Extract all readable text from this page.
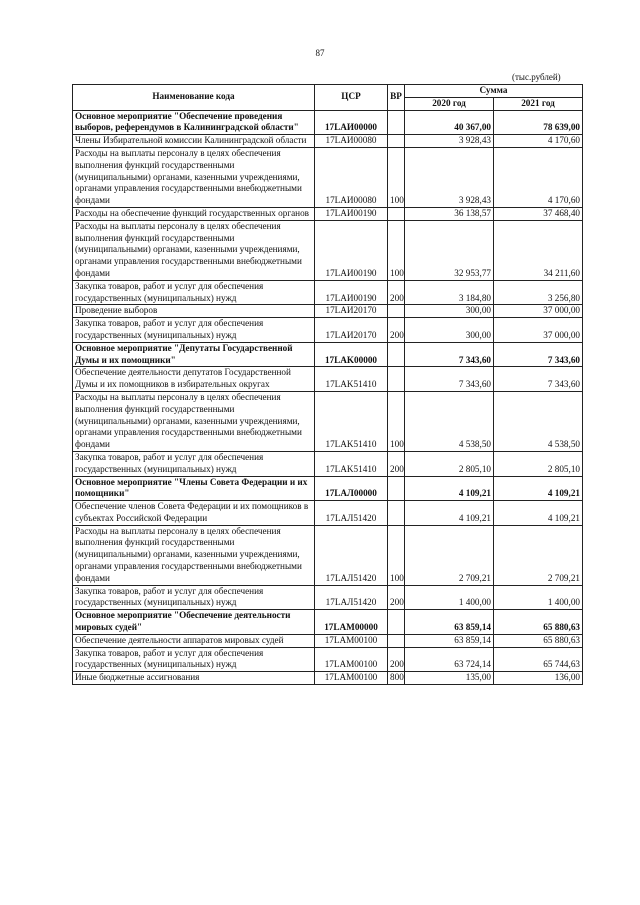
87
(тыс.рублей)
Наименование кода	ЦСР	ВР	Сумма	
			2020 год	2021 год
Основное мероприятие "Обеспечение проведения выборов, референдумов в Калининградской области"	17LAИ00000		40 367,00	78 639,00
Члены Избирательной комиссии Калининградской области	17LAИ00080		3 928,43	4 170,60
Расходы на выплаты персоналу в целях обеспечения выполнения функций государственными (муниципальными) органами, казенными учреждениями, органами управления государственными внебюджетными фондами	17LAИ00080	100	3 928,43	4 170,60
Расходы на обеспечение функций государственных органов	17LAИ00190		36 138,57	37 468,40
Расходы на выплаты персоналу в целях обеспечения выполнения функций государственными (муниципальными) органами, казенными учреждениями, органами управления государственными внебюджетными фондами	17LAИ00190	100	32 953,77	34 211,60
Закупка товаров, работ и услуг для обеспечения государственных (муниципальных) нужд	17LAИ00190	200	3 184,80	3 256,80
Проведение выборов	17LAИ20170		300,00	37 000,00
Закупка товаров, работ и услуг для обеспечения государственных (муниципальных) нужд	17LAИ20170	200	300,00	37 000,00
Основное мероприятие "Депутаты Государственной Думы и их помощники"	17LAK00000		7 343,60	7 343,60
Обеспечение деятельности депутатов Государственной Думы и их помощников в избирательных округах	17LAK51410		7 343,60	7 343,60
Расходы на выплаты персоналу в целях обеспечения выполнения функций государственными (муниципальными) органами, казенными учреждениями, органами управления государственными внебюджетными фондами	17LAK51410	100	4 538,50	4 538,50
Закупка товаров, работ и услуг для обеспечения государственных (муниципальных) нужд	17LAK51410	200	2 805,10	2 805,10
Основное мероприятие "Члены Совета Федерации и их помощники"	17LAЛ00000		4 109,21	4 109,21
Обеспечение членов Совета Федерации и их помощников в субъектах Российской Федерации	17LAЛ51420		4 109,21	4 109,21
Расходы на выплаты персоналу в целях обеспечения выполнения функций государственными (муниципальными) органами, казенными учреждениями, органами управления государственными внебюджетными фондами	17LAЛ51420	100	2 709,21	2 709,21
Закупка товаров, работ и услуг для обеспечения государственных (муниципальных) нужд	17LAЛ51420	200	1 400,00	1 400,00
Основное мероприятие "Обеспечение деятельности мировых судей"	17LAM00000		63 859,14	65 880,63
Обеспечение деятельности аппаратов мировых судей	17LAM00100		63 859,14	65 880,63
Закупка товаров, работ и услуг для обеспечения государственных (муниципальных) нужд	17LAM00100	200	63 724,14	65 744,63
Иные бюджетные ассигнования	17LAM00100	800	135,00	136,00
